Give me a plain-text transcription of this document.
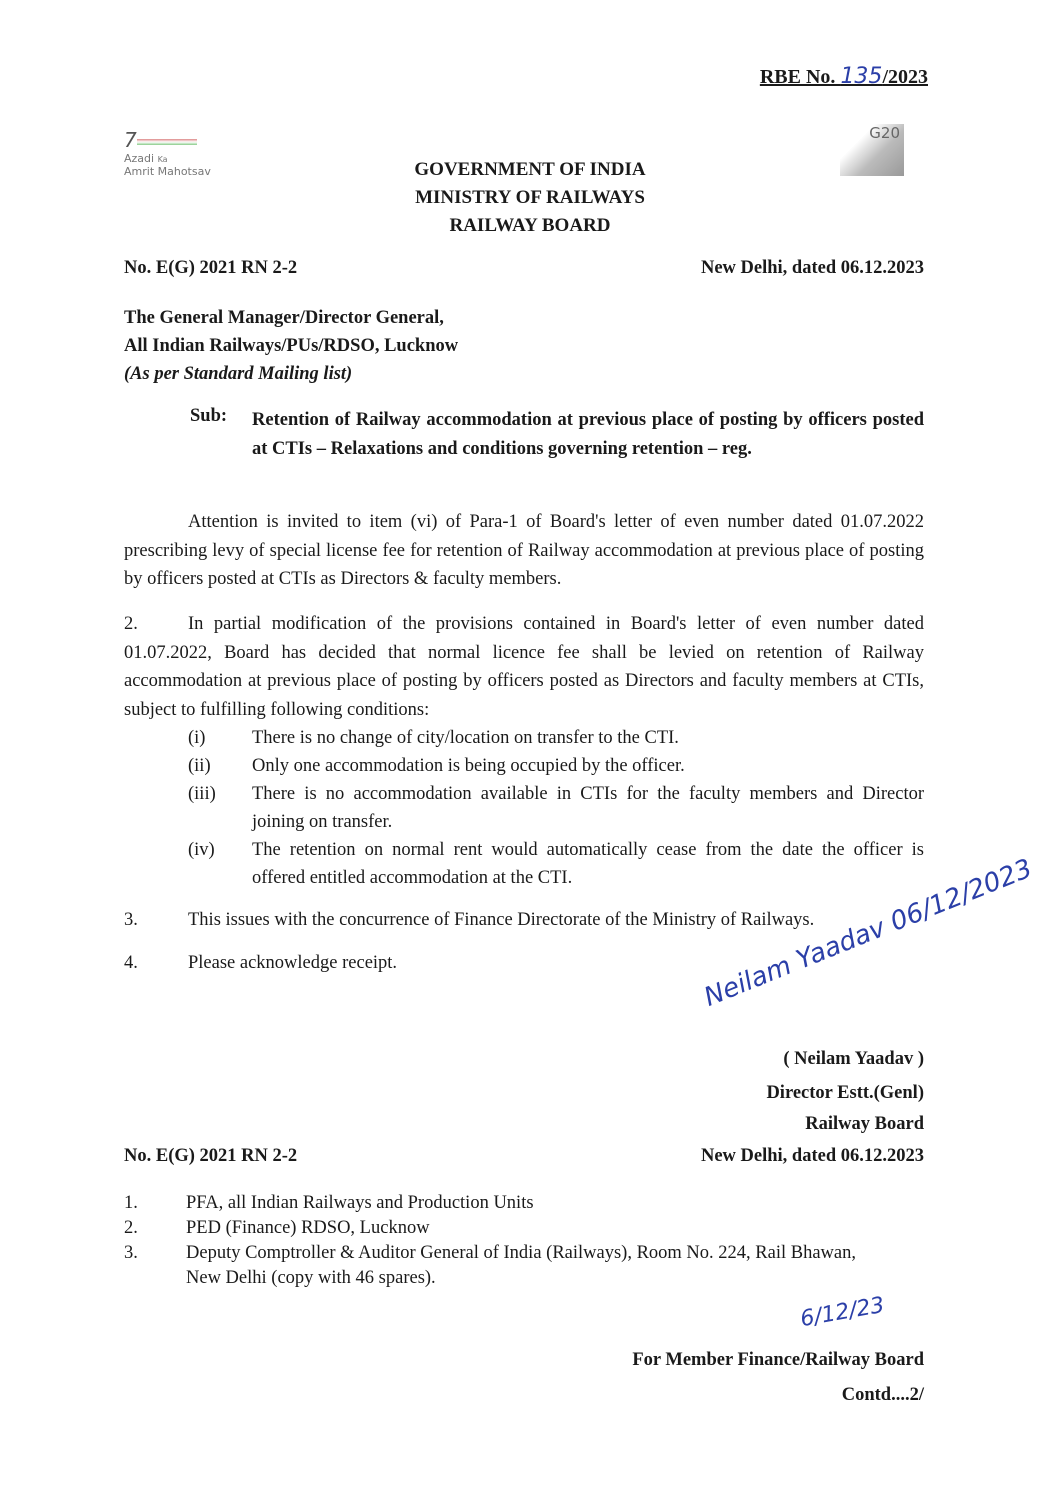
RBE No. 135/2023
7
Azadi Ka
Amrit Mahotsav
G20
GOVERNMENT OF INDIA
MINISTRY OF RAILWAYS
RAILWAY BOARD
No. E(G) 2021 RN 2-2	New Delhi, dated 06.12.2023
The General Manager/Director General,
All Indian Railways/PUs/RDSO, Lucknow
(As per Standard Mailing list)
Sub:	Retention of Railway accommodation at previous place of posting by officers posted at CTIs – Relaxations and conditions governing retention – reg.
Attention is invited to item (vi) of Para-1 of Board's letter of even number dated 01.07.2022 prescribing levy of special license fee for retention of Railway accommodation at previous place of posting by officers posted at CTIs as Directors & faculty members.
2.	In partial modification of the provisions contained in Board's letter of even number dated 01.07.2022, Board has decided that normal licence fee shall be levied on retention of Railway accommodation at previous place of posting by officers posted as Directors and faculty members at CTIs, subject to fulfilling following conditions:
(i)	There is no change of city/location on transfer to the CTI.
(ii)	Only one accommodation is being occupied by the officer.
(iii)	There is no accommodation available in CTIs for the faculty members and Director joining on transfer.
(iv)	The retention on normal rent would automatically cease from the date the officer is offered entitled accommodation at the CTI.
3.	This issues with the concurrence of Finance Directorate of the Ministry of Railways.
4.	Please acknowledge receipt.	Neilam Yaadav 06/12/2023
( Neilam Yaadav )
Director Estt.(Genl)
Railway Board
No. E(G) 2021 RN 2-2	New Delhi, dated 06.12.2023
1.	PFA, all Indian Railways and Production Units
2.	PED (Finance) RDSO, Lucknow
3.	Deputy Comptroller & Auditor General of India (Railways), Room No. 224, Rail Bhawan, New Delhi (copy with 46 spares).
6/12/23
For Member Finance/Railway Board
Contd....2/
